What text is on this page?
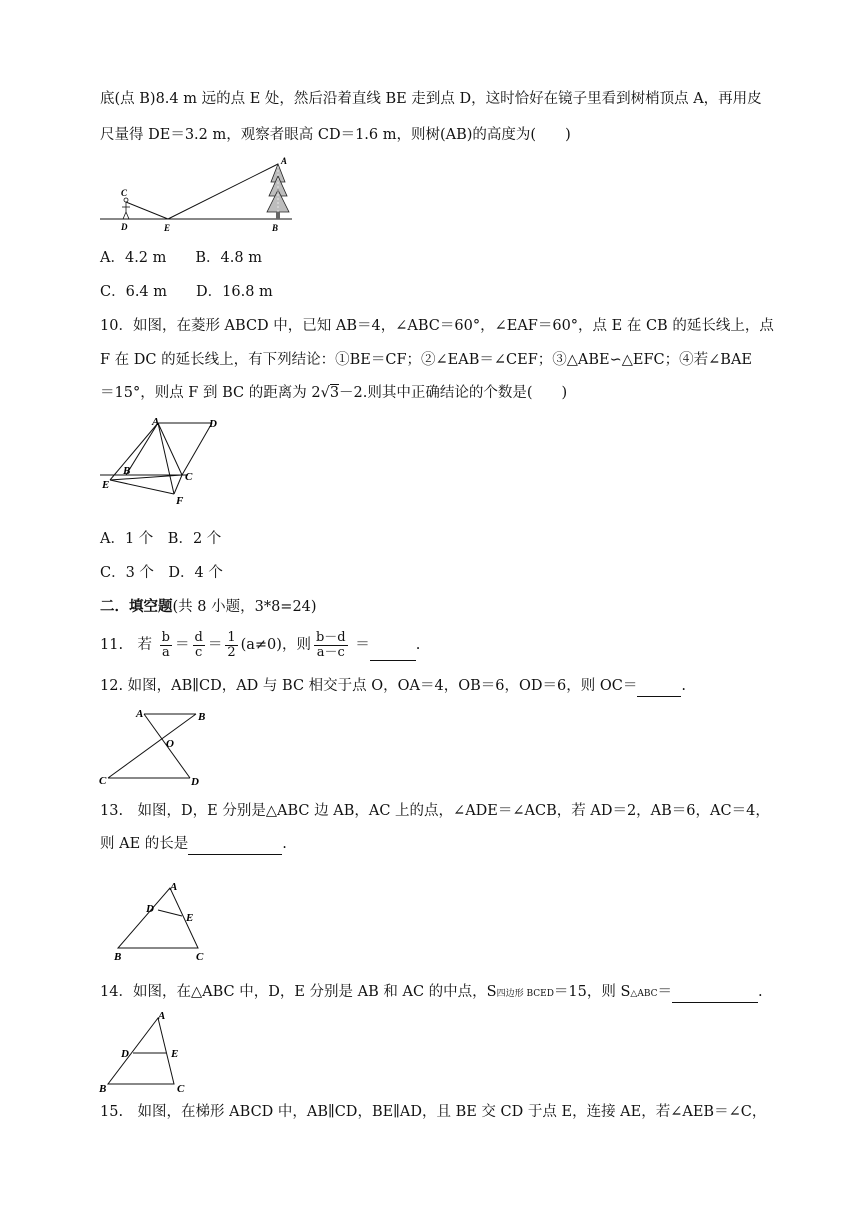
底(点 B)8.4 m 远的点 E 处，然后沿着直线 BE 走到点 D，这时恰好在镜子里看到树梢顶点 A，再用皮
尺量得 DE＝3.2 m，观察者眼高 CD＝1.6 m，则树(AB)的高度为(　　)
C
D	E
A
B
A．4.2 m　　B．4.8 m
C．6.4 m　　D．16.8 m
10．如图，在菱形 ABCD 中，已知 AB＝4，∠ABC＝60°，∠EAF＝60°，点 E 在 CB 的延长线上，点
F 在 DC 的延长线上，有下列结论：①BE＝CF；②∠EAB＝∠CEF；③△ABE∽△EFC；④若∠BAE
＝15°，则点 F 到 BC 的距离为 2√3－2.则其中正确结论的个数是(　　)
A	D
B	C
E
F
A．1 个　B．2 个
C．3 个　D．4 个
二．填空题(共 8 小题，3*8=24)
11.　若 $\frac{b}{a} = \frac{d}{c} = \frac{1}{2} (a\ne 0)$，则 $\frac{b-d}{a-c}$ ＝	.
12. 如图，AB∥CD，AD 与 BC 相交于点 O，OA＝4，OB＝6，OD＝6，则 OC＝	.
A	B
O
C	D
13.　如图，D，E 分别是△ABC 边 AB，AC 上的点，∠ADE＝∠ACB，若 AD＝2，AB＝6，AC＝4，
则 AE 的长是	.
A
D
E
B	C
14．如图，在△ABC 中，D，E 分别是 AB 和 AC 的中点，S四边形 BCED＝15，则 S△ABC＝	.
A
D	E
B	C
15.　如图，在梯形 ABCD 中，AB∥CD，BE∥AD，且 BE 交 CD 于点 E，连接 AE，若∠AEB＝∠C，
